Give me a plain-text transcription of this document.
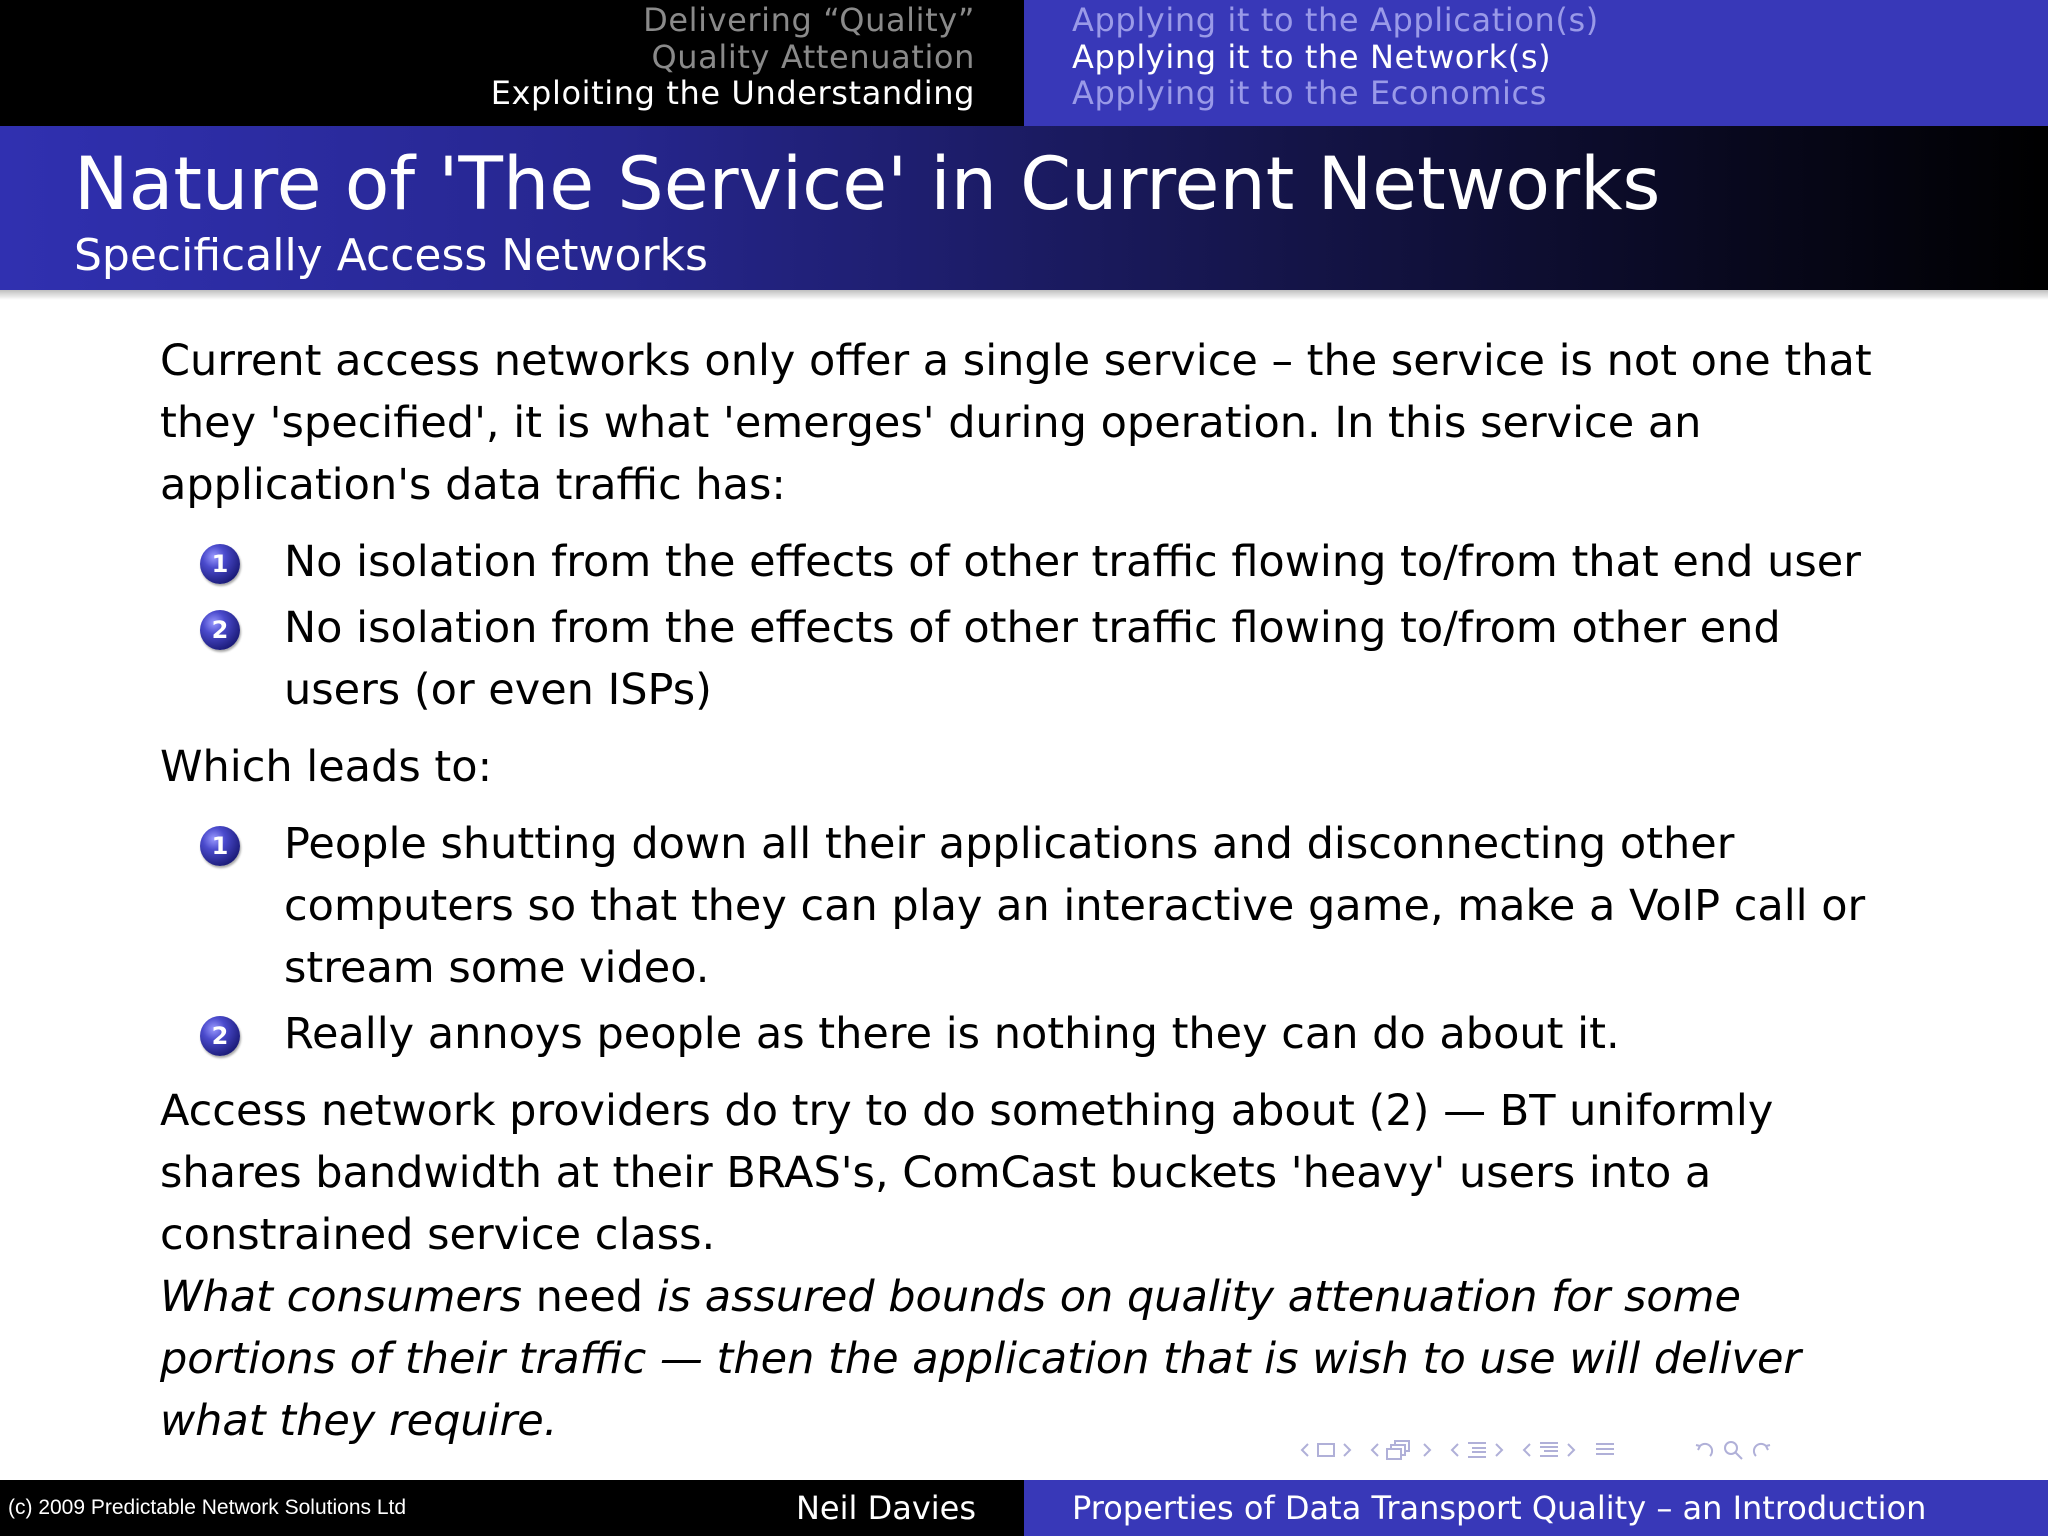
Delivering “Quality”
Quality Attenuation
Exploiting the Understanding
Applying it to the Application(s)
Applying it to the Network(s)
Applying it to the Economics
Nature of 'The Service' in Current Networks
Specifically Access Networks

Current access networks only offer a single service – the service is not one that they 'specified', it is what 'emerges' during operation. In this service an application's data traffic has:

1 No isolation from the effects of other traffic flowing to/from that end user
2 No isolation from the effects of other traffic flowing to/from other end users (or even ISPs)

Which leads to:

1 People shutting down all their applications and disconnecting other computers so that they can play an interactive game, make a VoIP call or stream some video.
2 Really annoys people as there is nothing they can do about it.

Access network providers do try to do something about (2) — BT uniformly shares bandwidth at their BRAS's, ComCast buckets 'heavy' users into a constrained service class.

What consumers need is assured bounds on quality attenuation for some portions of their traffic — then the application that is wish to use will deliver what they require.

(c) 2009 Predictable Network Solutions Ltd	Neil Davies	Properties of Data Transport Quality – an Introduction
